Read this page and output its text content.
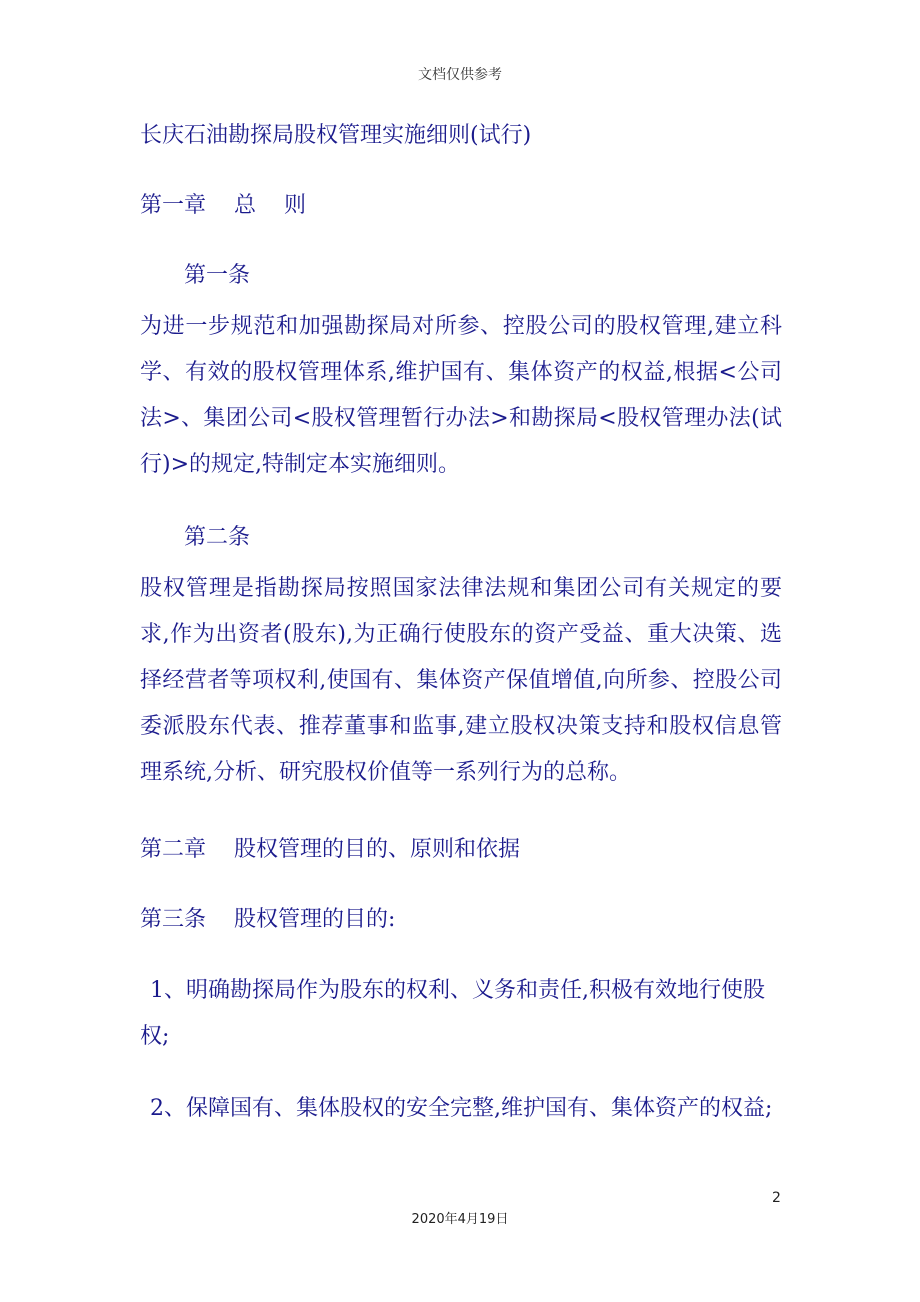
文档仅供参考
长庆石油勘探局股权管理实施细则(试行)
第一章    总    则
第一条

为进一步规范和加强勘探局对所参、控股公司的股权管理,建立科学、有效的股权管理体系,维护国有、集体资产的权益,根据<公司法>、集团公司<股权管理暂行办法>和勘探局<股权管理办法(试行)>的规定,特制定本实施细则。

第二条

股权管理是指勘探局按照国家法律法规和集团公司有关规定的要求,作为出资者(股东),为正确行使股东的资产受益、重大决策、选择经营者等项权利,使国有、集体资产保值增值,向所参、控股公司委派股东代表、推荐董事和监事,建立股权决策支持和股权信息管理系统,分析、研究股权价值等一系列行为的总称。

第二章    股权管理的目的、原则和依据
第三条    股权管理的目的:

1、明确勘探局作为股东的权利、义务和责任,积极有效地行使股权;

2、保障国有、集体股权的安全完整,维护国有、集体资产的权益;

2
2020年4月19日
